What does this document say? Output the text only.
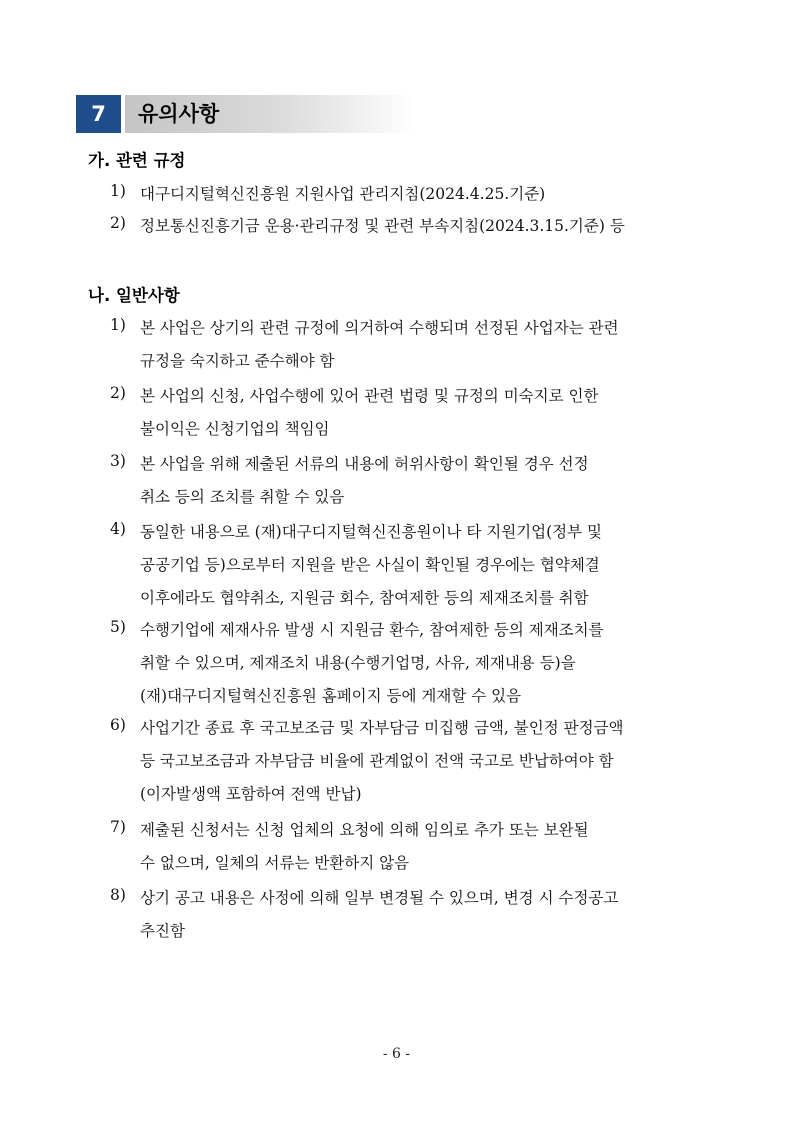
7	유의사항
가. 관련 규정
1) 대구디지털혁신진흥원 지원사업 관리지침(2024.4.25.기준)
2) 정보통신진흥기금 운용·관리규정 및 관련 부속지침(2024.3.15.기준) 등
나. 일반사항
1) 본 사업은 상기의 관련 규정에 의거하여 수행되며 선정된 사업자는 관련
규정을 숙지하고 준수해야 함
2) 본 사업의 신청, 사업수행에 있어 관련 법령 및 규정의 미숙지로 인한
불이익은 신청기업의 책임임
3) 본 사업을 위해 제출된 서류의 내용에 허위사항이 확인될 경우 선정
취소 등의 조치를 취할 수 있음
4) 동일한 내용으로 (재)대구디지털혁신진흥원이나 타 지원기업(정부 및
공공기업 등)으로부터 지원을 받은 사실이 확인될 경우에는 협약체결
이후에라도 협약취소, 지원금 회수, 참여제한 등의 제재조치를 취함
5) 수행기업에 제재사유 발생 시 지원금 환수, 참여제한 등의 제재조치를
취할 수 있으며, 제재조치 내용(수행기업명, 사유, 제재내용 등)을
(재)대구디지털혁신진흥원 홈페이지 등에 게재할 수 있음
6) 사업기간 종료 후 국고보조금 및 자부담금 미집행 금액, 불인정 판정금액
등 국고보조금과 자부담금 비율에 관계없이 전액 국고로 반납하여야 함
(이자발생액 포함하여 전액 반납)
7) 제출된 신청서는 신청 업체의 요청에 의해 임의로 추가 또는 보완될
수 없으며, 일체의 서류는 반환하지 않음
8) 상기 공고 내용은 사정에 의해 일부 변경될 수 있으며, 변경 시 수정공고
추진함
- 6 -
